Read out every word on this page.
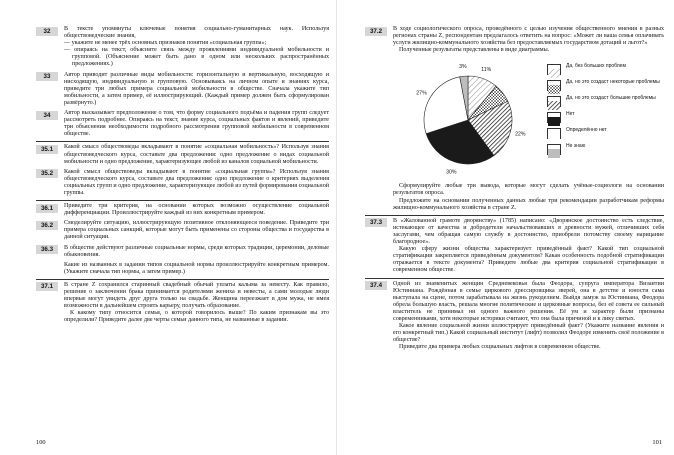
32	В тексте упомянуты ключевые понятия социально-гуманитарных наук. Используя обществоведческие знания,

— укажите не менее трёх основных признаков понятия «социальная группа»;

— опираясь на текст, объясните связь между проявлениями индивидуальной мобильности и групповой. (Объяснение может быть дано в одном или нескольких распространённых предложениях.)

33	Автор приводит различные виды мобильности: горизонтальную и вертикальную, восходящую и нисходящую, индивидуальную и групповую. Основываясь на личном опыте и знаниях курса, приведите три любых примера социальной мобильности в обществе. Сначала укажите тип мобильности, а затем пример, её иллюстрирующий. (Каждый пример должен быть сформулирован развёрнуто.)

34	Автор высказывает предположение о том, что форму социального подъёма и падения групп следует рассмотреть подробнее. Опираясь на текст, знание курса, социальных фактов и явлений, приведите три объяснения необходимости подробного рассмотрения групповой мобильности в современном обществе.

35.1	Какой смысл обществоведы вкладывают в понятие «социальная мобильность»? Используя знания обществоведческого курса, составьте два предложения: одно предложение о видах социальной мобильности и одно предложение, характеризующее любой из каналов социальной мобильности.

35.2	Какой смысл обществоведы вкладывают в понятие «социальная группа»? Используя знания обществоведческого курса, составьте два предложения: одно предложение о критериях выделения социальных групп и одно предложение, характеризующее любой из путей формирования социальной группы.

36.1	Приведите три критерия, на основании которых возможно осуществление социальной дифференциации. Проиллюстрируйте каждый из них конкретным примером.

36.2	Смоделируйте ситуацию, иллюстрирующую позитивное отклоняющееся поведение. Приведите три примера социальных санкций, которые могут быть применены со стороны общества и государства в данной ситуации.

36.3	В обществе действуют различные социальные нормы, среди которых традиции, церемонии, деловые обыкновения.

Какие из названных в задании типов социальной нормы проиллюстрируйте конкретным примером. (Укажите сначала тип нормы, а затем пример.)

37.1	В стране Z сохранился старинный свадебный обычай уплаты калыма за невесту. Как правило, решение о заключении брака принимается родителями жениха и невесты, а сами молодые люди впервые могут увидеть друг друга только на свадьбе. Женщина переезжает в дом мужа, не имея возможности в дальнейшем строить карьеру, получать образование.

К какому типу относится семья, о которой говорилось выше? По каким признакам вы это определили? Приведите далее две черты семьи данного типа, не названные в задании.

37.2	В ходе социологического опроса, проведённого с целью изучения общественного мнения в разных регионах страны Z, респондентам предлагалось ответить на вопрос: «Может ли ваша семья оплачивать услуги жилищно-коммунального хозяйства без предоставляемых государством дотаций и льгот?»

Полученные результаты представлены в виде диаграммы.

11%
22%
30%
27%
3%	Да, без больших проблем
Да, но это создаст некоторые проблемы
Да, но это создаст большие проблемы
Нет
Определённо нет
Не знаю

Сформулируйте любые три вывода, которые могут сделать учёные-социологи на основании результатов опроса.

Предложите на основании полученных данных любые три рекомендации разработчикам реформы жилищно-коммунального хозяйства в стране Z.

37.3	В «Жалованной грамоте дворянству» (1785) написано: «Дворянское достоинство есть следствие, истекающее от качества и добродетели начальствовавших в древности мужей, отличивших себя заслугами, чем обращая самую службу в достоинство, приобрели потомству своему нарицание благородное».

Какую сферу жизни общества характеризует приведённый факт? Какой тип социальной стратификации закрепляется приведённым документом? Какая особенность подобной стратификации отражается в тексте документа? Приведите любые два критерия социальной стратификации в современном обществе.

37.4	Одной из знаменитых женщин Средневековья была Феодора, супруга императора Византии Юстиниана. Рождённая в семье циркового дрессировщика зверей, она в детстве и юности сама выступала на сцене, потом зарабатывала на жизнь рукоделием. Выйдя замуж за Юстиниана, Феодора обрела большую власть, решала многие политические и церковные вопросы, без её совета ее сильный властитель не принимал ни одного важного решения. Её ум и характер были признаны современниками, хотя некоторые историки считают, что она была причиной и к лику святых.

Какое явление социальной жизни иллюстрирует приведённый факт? (Укажите название явления и его конкретный тип.) Какой социальный институт (лифт) позволил Феодоре изменить своё положение в обществе?

Приведите два примера любых социальных лифтов в современном обществе.

100	101
